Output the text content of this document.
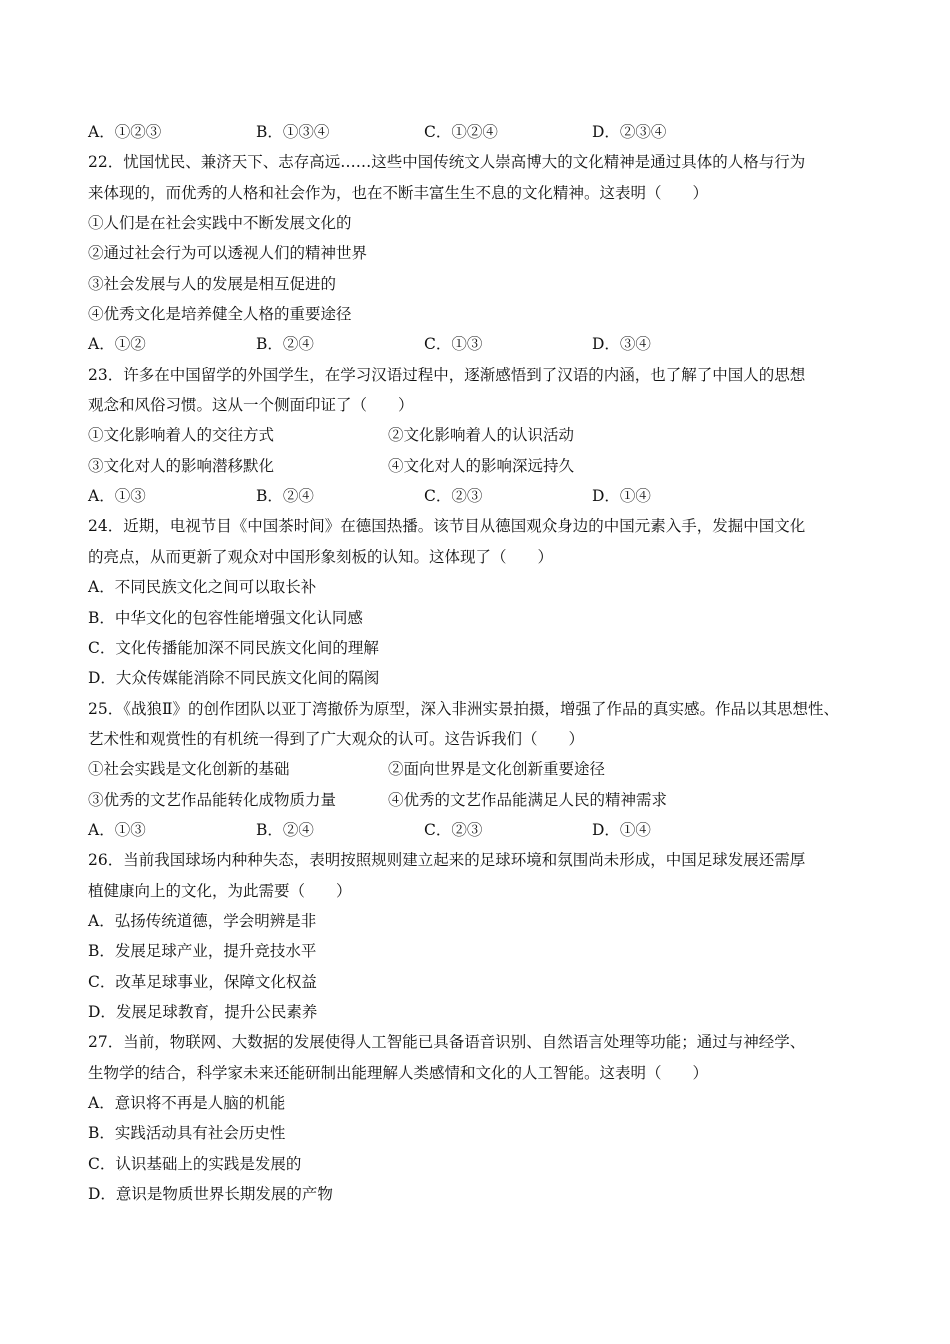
A．①②③	B．①③④	C．①②④	D．②③④
22．忧国忧民、兼济天下、志存高远……这些中国传统文人崇高博大的文化精神是通过具体的人格与行为
来体现的，而优秀的人格和社会作为，也在不断丰富生生不息的文化精神。这表明（　　）
①人们是在社会实践中不断发展文化的
②通过社会行为可以透视人们的精神世界
③社会发展与人的发展是相互促进的
④优秀文化是培养健全人格的重要途径
A．①②	B．②④	C．①③	D．③④
23．许多在中国留学的外国学生，在学习汉语过程中，逐渐感悟到了汉语的内涵，也了解了中国人的思想
观念和风俗习惯。这从一个侧面印证了（　　）
①文化影响着人的交往方式	②文化影响着人的认识活动
③文化对人的影响潜移默化	④文化对人的影响深远持久
A．①③	B．②④	C．②③	D．①④
24．近期，电视节目《中国茶时间》在德国热播。该节目从德国观众身边的中国元素入手，发掘中国文化
的亮点，从而更新了观众对中国形象刻板的认知。这体现了（　　）
A．不同民族文化之间可以取长补
B．中华文化的包容性能增强文化认同感
C．文化传播能加深不同民族文化间的理解
D．大众传媒能消除不同民族文化间的隔阂
25．《战狼Ⅱ》的创作团队以亚丁湾撤侨为原型，深入非洲实景拍摄，增强了作品的真实感。作品以其思想性、
艺术性和观赏性的有机统一得到了广大观众的认可。这告诉我们（　　）
①社会实践是文化创新的基础	②面向世界是文化创新重要途径
③优秀的文艺作品能转化成物质力量	④优秀的文艺作品能满足人民的精神需求
A．①③	B．②④	C．②③	D．①④
26．当前我国球场内种种失态，表明按照规则建立起来的足球环境和氛围尚未形成，中国足球发展还需厚
植健康向上的文化，为此需要（　　）
A．弘扬传统道德，学会明辨是非
B．发展足球产业，提升竞技水平
C．改革足球事业，保障文化权益
D．发展足球教育，提升公民素养
27．当前，物联网、大数据的发展使得人工智能已具备语音识别、自然语言处理等功能；通过与神经学、
生物学的结合，科学家未来还能研制出能理解人类感情和文化的人工智能。这表明（　　）
A．意识将不再是人脑的机能
B．实践活动具有社会历史性
C．认识基础上的实践是发展的
D．意识是物质世界长期发展的产物
